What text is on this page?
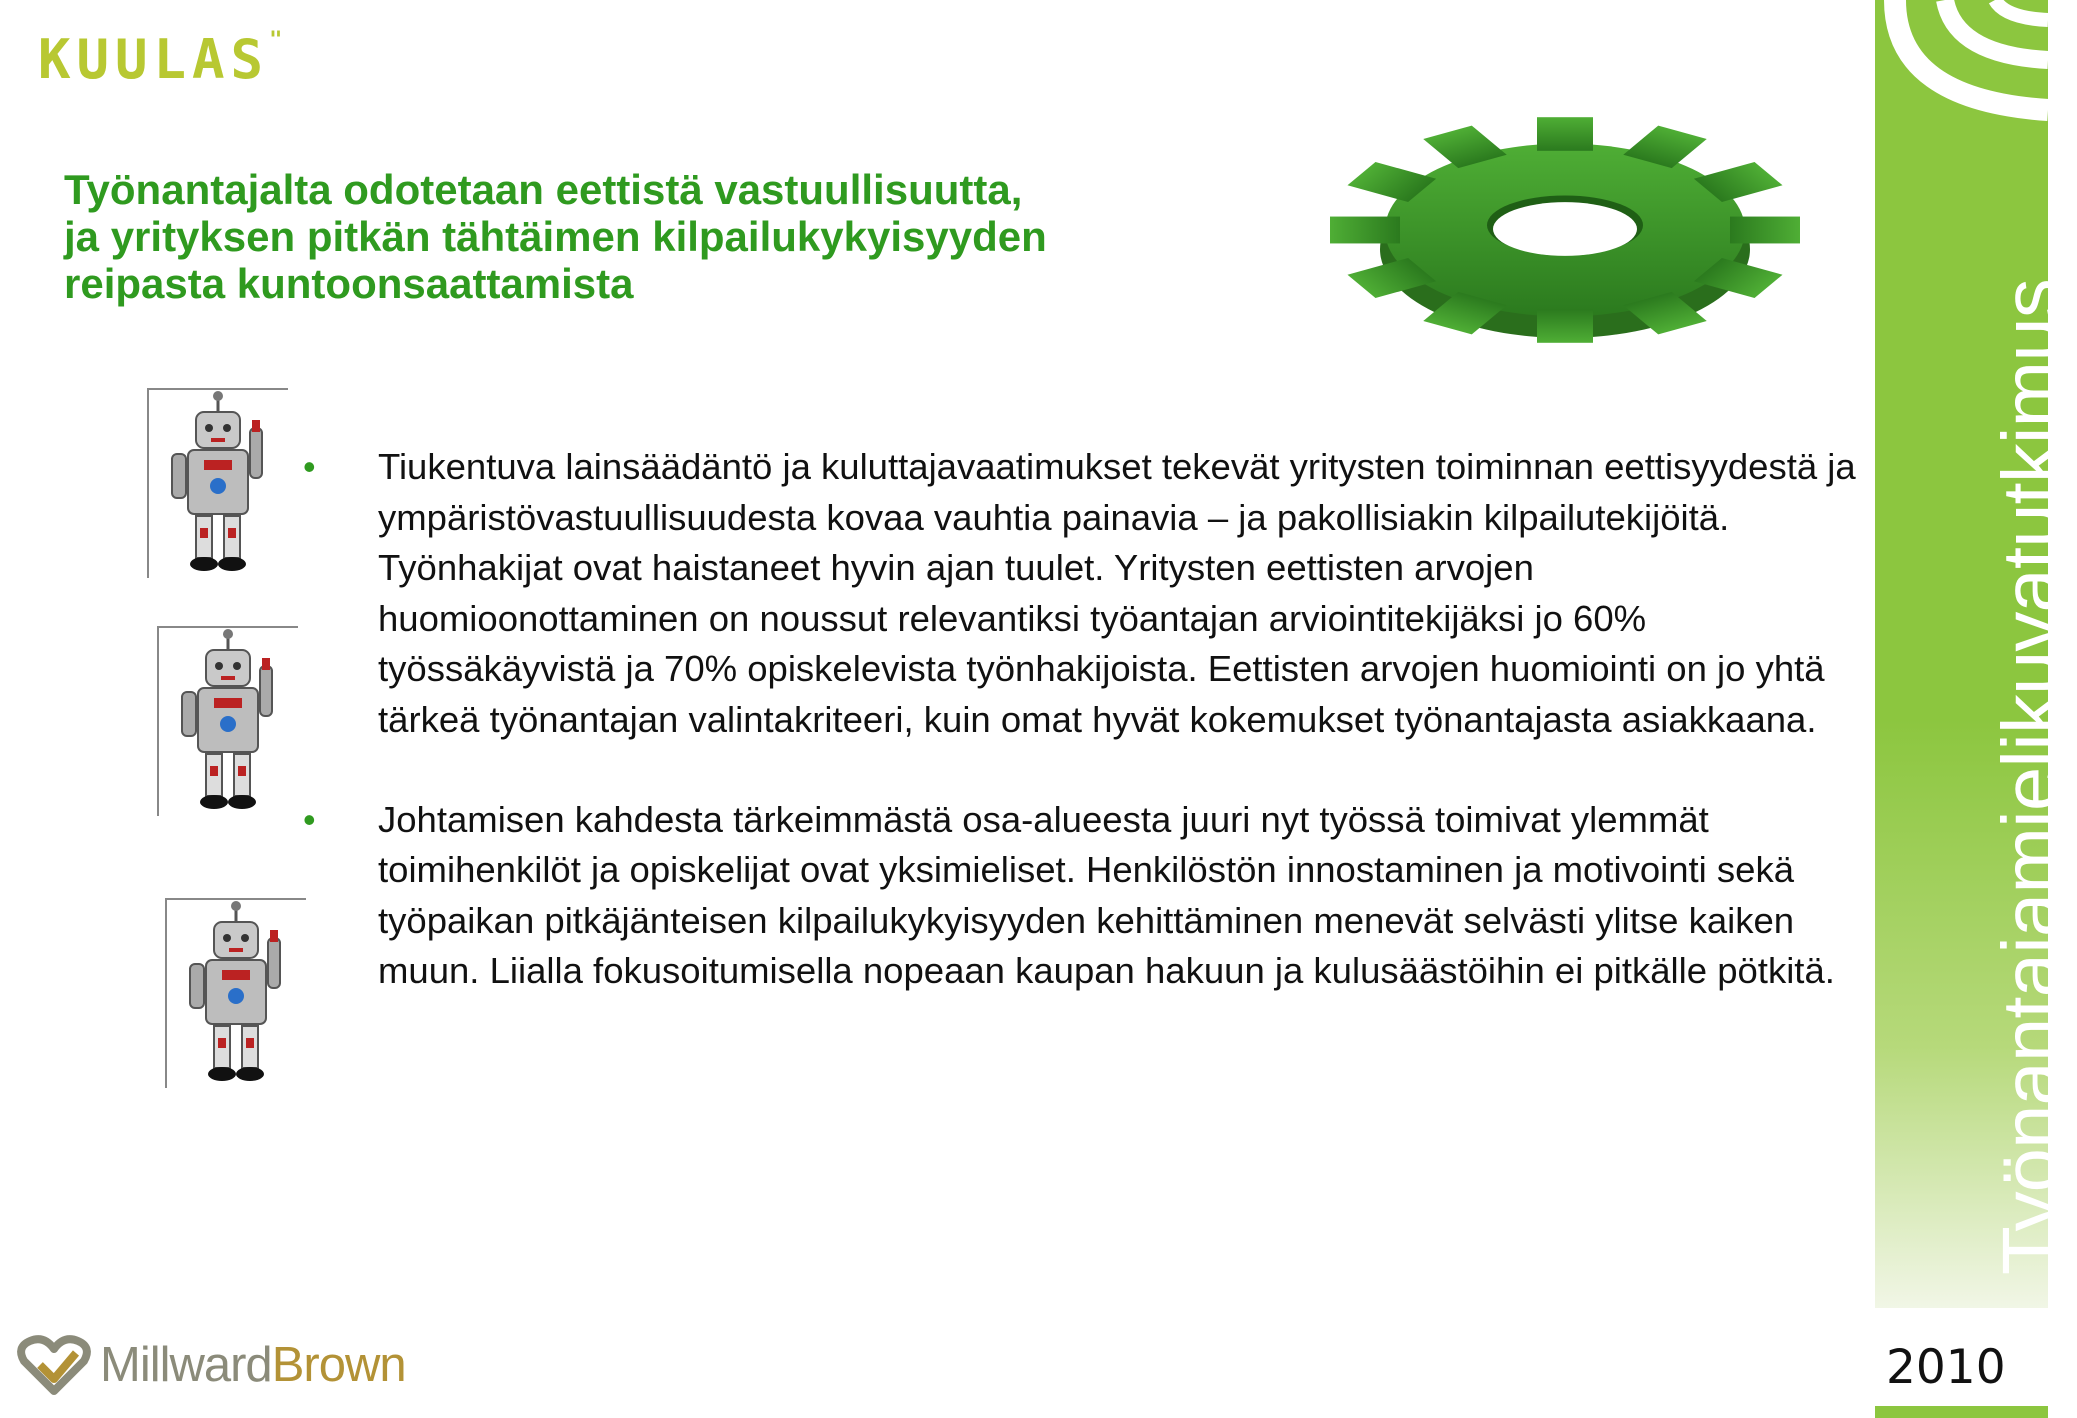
KUULAS"
Työnantajalta odotetaan eettistä vastuullisuutta,
ja yrityksen pitkän tähtäimen kilpailukykyisyyden
reipasta kuntoonsaattamista
• Tiukentuva lainsäädäntö ja kuluttajavaatimukset tekevät yritysten toiminnan eettisyydestä ja ympäristövastuullisuudesta kovaa vauhtia painavia – ja pakollisiakin kilpailutekijöitä. Työnhakijat ovat haistaneet hyvin ajan tuulet. Yritysten eettisten arvojen huomioonottaminen on noussut relevantiksi työantajan arviointitekijäksi jo 60% työssäkäyvistä ja 70% opiskelevista työnhakijoista. Eettisten arvojen huomiointi on jo yhtä tärkeä työnantajan valintakriteeri, kuin omat hyvät kokemukset työnantajasta asiakkaana.
• Johtamisen kahdesta tärkeimmästä osa-alueesta juuri nyt työssä toimivat ylemmät toimihenkilöt ja opiskelijat ovat yksimieliset. Henkilöstön innostaminen ja motivointi sekä työpaikan pitkäjänteisen kilpailukykyisyyden kehittäminen menevät selvästi ylitse kaiken muun. Liialla fokusoitumisella nopeaan kaupan hakuun ja kulusäästöihin ei pitkälle pötkitä.	Työnantajamielikuvatutkimus
2010
MillwardBrown
